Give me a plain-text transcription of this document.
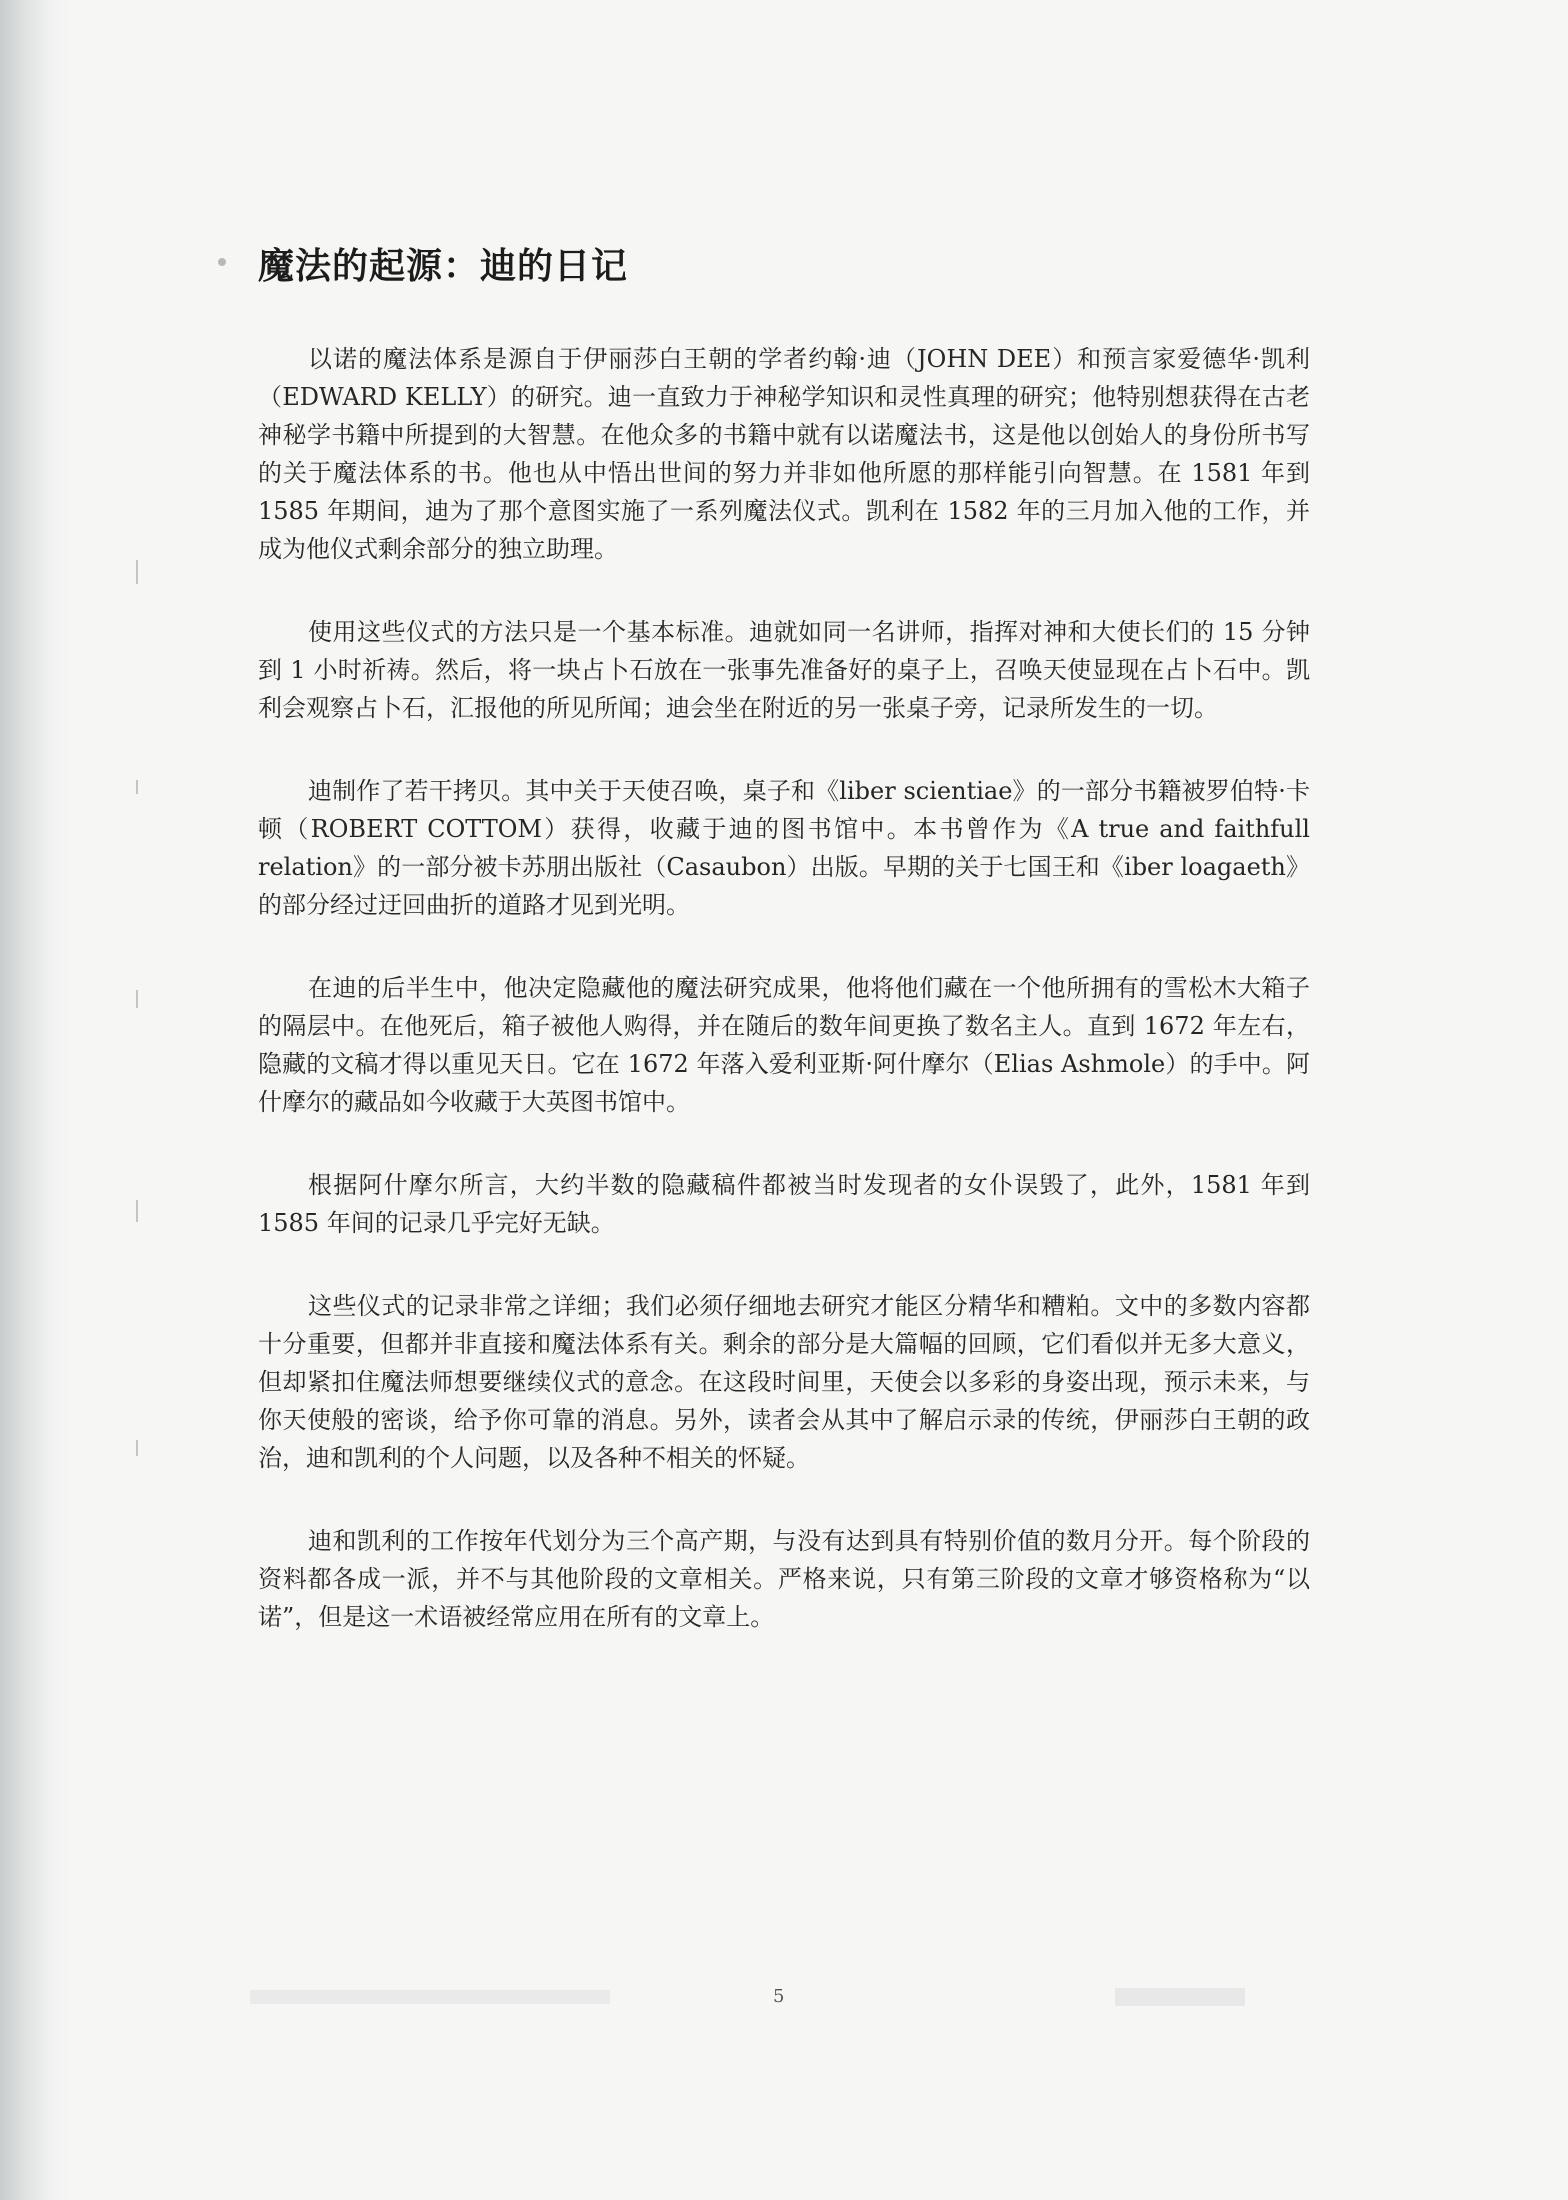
魔法的起源：迪的日记

以诺的魔法体系是源自于伊丽莎白王朝的学者约翰·迪（JOHN DEE）和预言家爱德华·凯利（EDWARD KELLY）的研究。迪一直致力于神秘学知识和灵性真理的研究；他特别想获得在古老神秘学书籍中所提到的大智慧。在他众多的书籍中就有以诺魔法书，这是他以创始人的身份所书写的关于魔法体系的书。他也从中悟出世间的努力并非如他所愿的那样能引向智慧。在 1581 年到 1585 年期间，迪为了那个意图实施了一系列魔法仪式。凯利在 1582 年的三月加入他的工作，并成为他仪式剩余部分的独立助理。

使用这些仪式的方法只是一个基本标准。迪就如同一名讲师，指挥对神和大使长们的 15 分钟到 1 小时祈祷。然后，将一块占卜石放在一张事先准备好的桌子上，召唤天使显现在占卜石中。凯利会观察占卜石，汇报他的所见所闻；迪会坐在附近的另一张桌子旁，记录所发生的一切。

迪制作了若干拷贝。其中关于天使召唤，桌子和《liber scientiae》的一部分书籍被罗伯特·卡顿（ROBERT COTTOM）获得，收藏于迪的图书馆中。本书曾作为《A true and faithfull relation》的一部分被卡苏朋出版社（Casaubon）出版。早期的关于七国王和《iber loagaeth》的部分经过迂回曲折的道路才见到光明。

在迪的后半生中，他决定隐藏他的魔法研究成果，他将他们藏在一个他所拥有的雪松木大箱子的隔层中。在他死后，箱子被他人购得，并在随后的数年间更换了数名主人。直到 1672 年左右，隐藏的文稿才得以重见天日。它在 1672 年落入爱利亚斯·阿什摩尔（Elias Ashmole）的手中。阿什摩尔的藏品如今收藏于大英图书馆中。

根据阿什摩尔所言，大约半数的隐藏稿件都被当时发现者的女仆误毁了，此外，1581 年到 1585 年间的记录几乎完好无缺。

这些仪式的记录非常之详细；我们必须仔细地去研究才能区分精华和糟粕。文中的多数内容都十分重要，但都并非直接和魔法体系有关。剩余的部分是大篇幅的回顾，它们看似并无多大意义，但却紧扣住魔法师想要继续仪式的意念。在这段时间里，天使会以多彩的身姿出现，预示未来，与你天使般的密谈，给予你可靠的消息。另外，读者会从其中了解启示录的传统，伊丽莎白王朝的政治，迪和凯利的个人问题，以及各种不相关的怀疑。

迪和凯利的工作按年代划分为三个高产期，与没有达到具有特别价值的数月分开。每个阶段的资料都各成一派，并不与其他阶段的文章相关。严格来说，只有第三阶段的文章才够资格称为“以诺”，但是这一术语被经常应用在所有的文章上。

5
